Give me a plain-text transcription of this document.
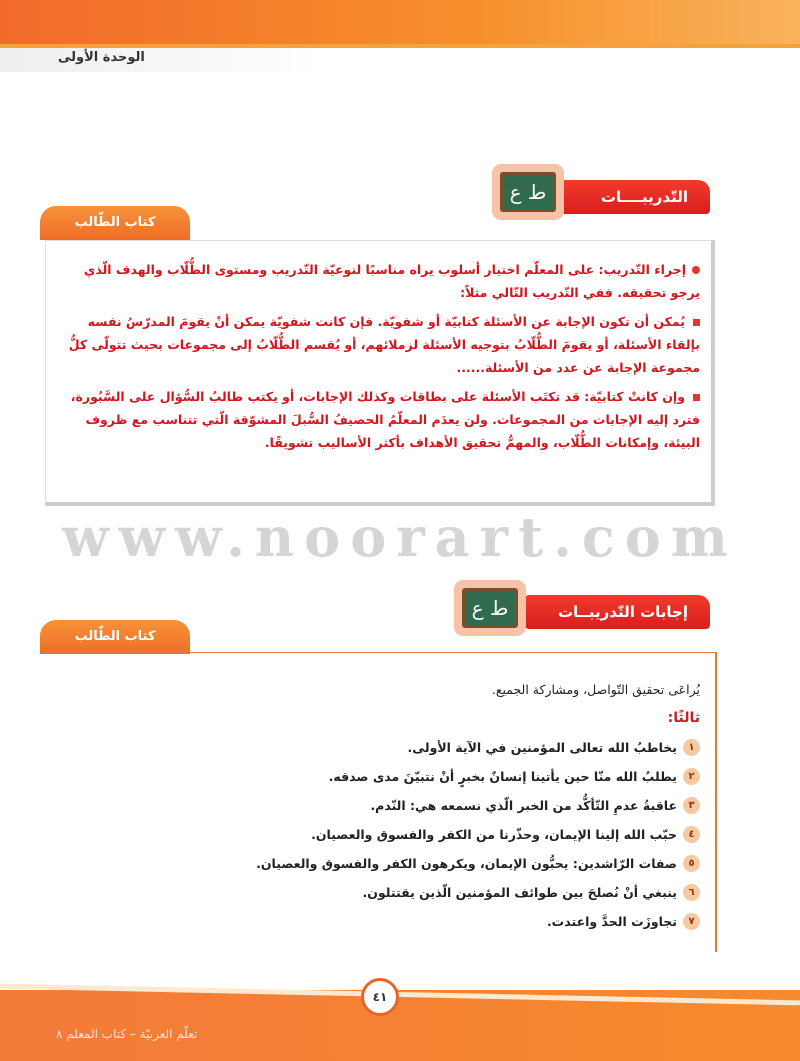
الوحدة الأولى
التّدريبــــات
ط ع
كتاب الطّالب

إجراء التّدريب: على المعلّم اختيار أسلوب يراه مناسبًا لنوعيّة التّدريب ومستوى الطُّلّاب والهدف الّذي يرجو تحقيقه. ففي التّدريب التّالي مثلاً:

يُمكن أن تكون الإجابة عن الأسئلة كتابيّة أو شفويّة. فإن كانت شفويّة يمكن أنْ يقومَ المدرّسُ نفسه بإلقاء الأسئلة، أو يقومَ الطُّلّابُ بتوجيه الأسئلة لزملائهم، أو يُقسم الطُّلّابُ إلى مجموعات بحيث تتولّى كلُّ مجموعة الإجابة عن عدد من الأسئلة......

وإن كانتْ كتابيّة: قد تكتَب الأسئلة على بطاقات وكذلك الإجابات، أو يكتب طالبُ السُّؤال على السَّبُورة، فترد إليه الإجابات من المجموعات. ولن يعدَم المعلّمُ الحصيفُ السُّبلَ المشوّقة الّتي تتناسب مع ظروف البيئة، وإمكانات الطُّلّاب، والمهمُّ تحقيق الأهداف بأكثر الأساليب تشويقًا.

www.noorart.com
إجابات التّدريبــات
ط ع
كتاب الطّالب
يُراعَى تحقيق التّواصل، ومشاركة الجميع.
ثالثًا:
١
يخاطبُ الله تعالى المؤمنين في الآية الأولى.
٢
يطلبُ الله منّا حين يأتينا إنسانٌ بخبرٍ أنْ نتبيّنَ مدى صدقه.
٣
عاقبةُ عدمِ التّأكُّد من الخبر الّذي نسمعه هي: النّدم.
٤
حبّب الله إلينا الإيمان، وحذّرنا من الكفر والفسوق والعصيان.
٥
صفات الرّاشدين: يحبُّون الإيمان، ويكرهون الكفر والفسوق والعصيان.
٦
ينبغي أنْ نُصلحَ بين طوائف المؤمنين الّذين يقتتلون.
٧
تجاوزَت الحدَّ واعتدت.
٤١
تعلّم العربيّة – كتاب المعلم ٨
